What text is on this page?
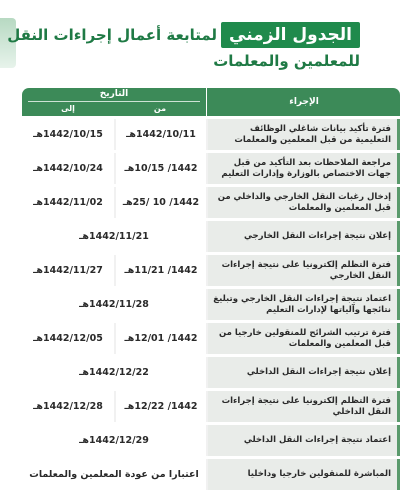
الجدول الزمني
لمتابعة أعمال إجراءات النقل
للمعلمين والمعلمات
الإجراء
التاريخ
من
إلى
فترة تأكيد بيانات شاغلي الوظائف التعليمية من قبل المعلمين والمعلمات
1442/10/11هـ
1442/10/15هـ
مراجعة الملاحظات بعد التأكيد من قبل جهات الاختصاص بالوزارة وإدارات التعليم
1442/ 10/15هـ
1442/10/24هـ
إدخال رغبات النقل الخارجي والداخلي من قبل المعلمين والمعلمات
1442/ 10 /25هـ
1442/11/02هـ
إعلان نتيجة إجراءات النقل الخارجي
1442/11/21هـ
فترة التظلم إلكترونيا على نتيجة إجراءات النقل الخارجي
1442/ 11/21هـ
1442/11/27هـ
اعتماد نتيجة إجراءات النقل الخارجي وتبليغ نتائجها وآلياتها لإدارات التعليم
1442/11/28هـ
فترة ترتيب الشرائح للمنقولين خارجيا من قبل المعلمين والمعلمات
1442/ 12/01هـ
1442/12/05هـ
إعلان نتيجة إجراءات النقل الداخلي
1442/12/22هـ
فترة التظلم إلكترونيا على نتيجة إجراءات النقل الداخلي
1442/ 12/22هـ
1442/12/28هـ
اعتماد نتيجة إجراءات النقل الداخلي
1442/12/29هـ
المباشرة للمنقولين خارجيا وداخليا
اعتبارا من عودة المعلمين والمعلمات
